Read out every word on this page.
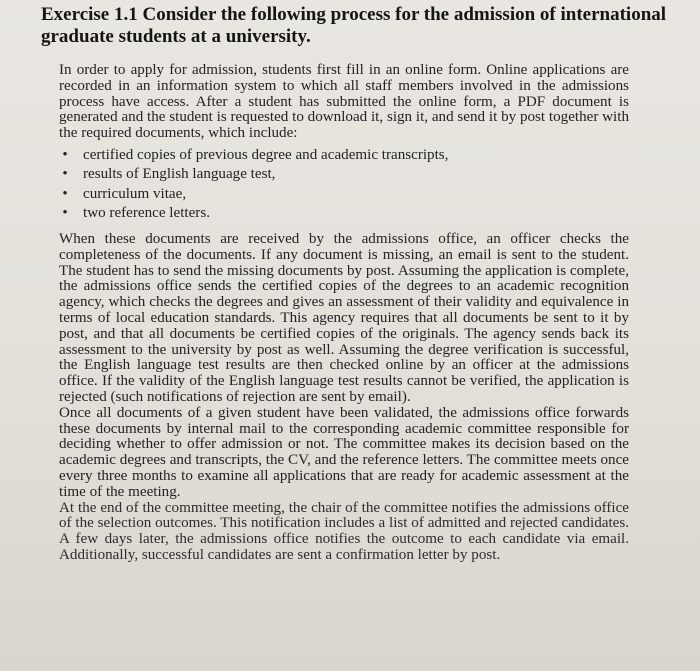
Exercise 1.1 Consider the following process for the admission of international graduate students at a university.

In order to apply for admission, students first fill in an online form. Online applications are recorded in an information system to which all staff members involved in the admissions process have access. After a student has submitted the online form, a PDF document is generated and the student is requested to download it, sign it, and send it by post together with the required documents, which include:

• certified copies of previous degree and academic transcripts,
• results of English language test,
• curriculum vitae,
• two reference letters.

When these documents are received by the admissions office, an officer checks the completeness of the documents. If any document is missing, an email is sent to the student. The student has to send the missing documents by post. Assuming the application is complete, the admissions office sends the certified copies of the degrees to an academic recognition agency, which checks the degrees and gives an assessment of their validity and equivalence in terms of local education standards. This agency requires that all documents be sent to it by post, and that all documents be certified copies of the originals. The agency sends back its assessment to the university by post as well. Assuming the degree verification is successful, the English language test results are then checked online by an officer at the admissions office. If the validity of the English language test results cannot be verified, the application is rejected (such notifications of rejection are sent by email).

Once all documents of a given student have been validated, the admissions office forwards these documents by internal mail to the corresponding academic committee responsible for deciding whether to offer admission or not. The committee makes its decision based on the academic degrees and transcripts, the CV, and the reference letters. The committee meets once every three months to examine all applications that are ready for academic assessment at the time of the meeting.

At the end of the committee meeting, the chair of the committee notifies the admissions office of the selection outcomes. This notification includes a list of admitted and rejected candidates. A few days later, the admissions office notifies the outcome to each candidate via email. Additionally, successful candidates are sent a confirmation letter by post.
